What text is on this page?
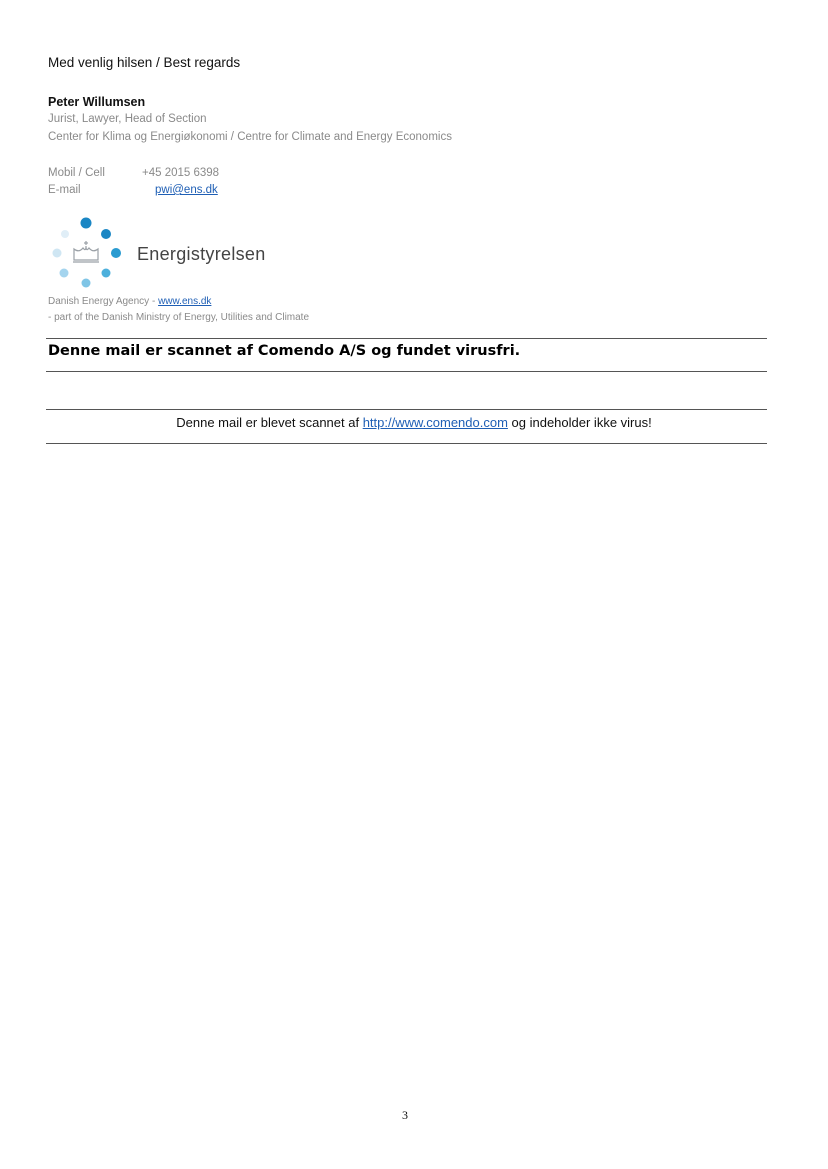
Med venlig hilsen / Best regards
Peter Willumsen
Jurist, Lawyer, Head of Section
Center for Klima og Energiøkonomi / Centre for Climate and Energy Economics
Mobil / Cell	+45 2015 6398
E-mail	pwi@ens.dk
Energistyrelsen
Danish Energy Agency - www.ens.dk
- part of the Danish Ministry of Energy, Utilities and Climate
Denne mail er scannet af Comendo A/S og fundet virusfri.
Denne mail er blevet scannet af http://www.comendo.com og indeholder ikke virus!
3
